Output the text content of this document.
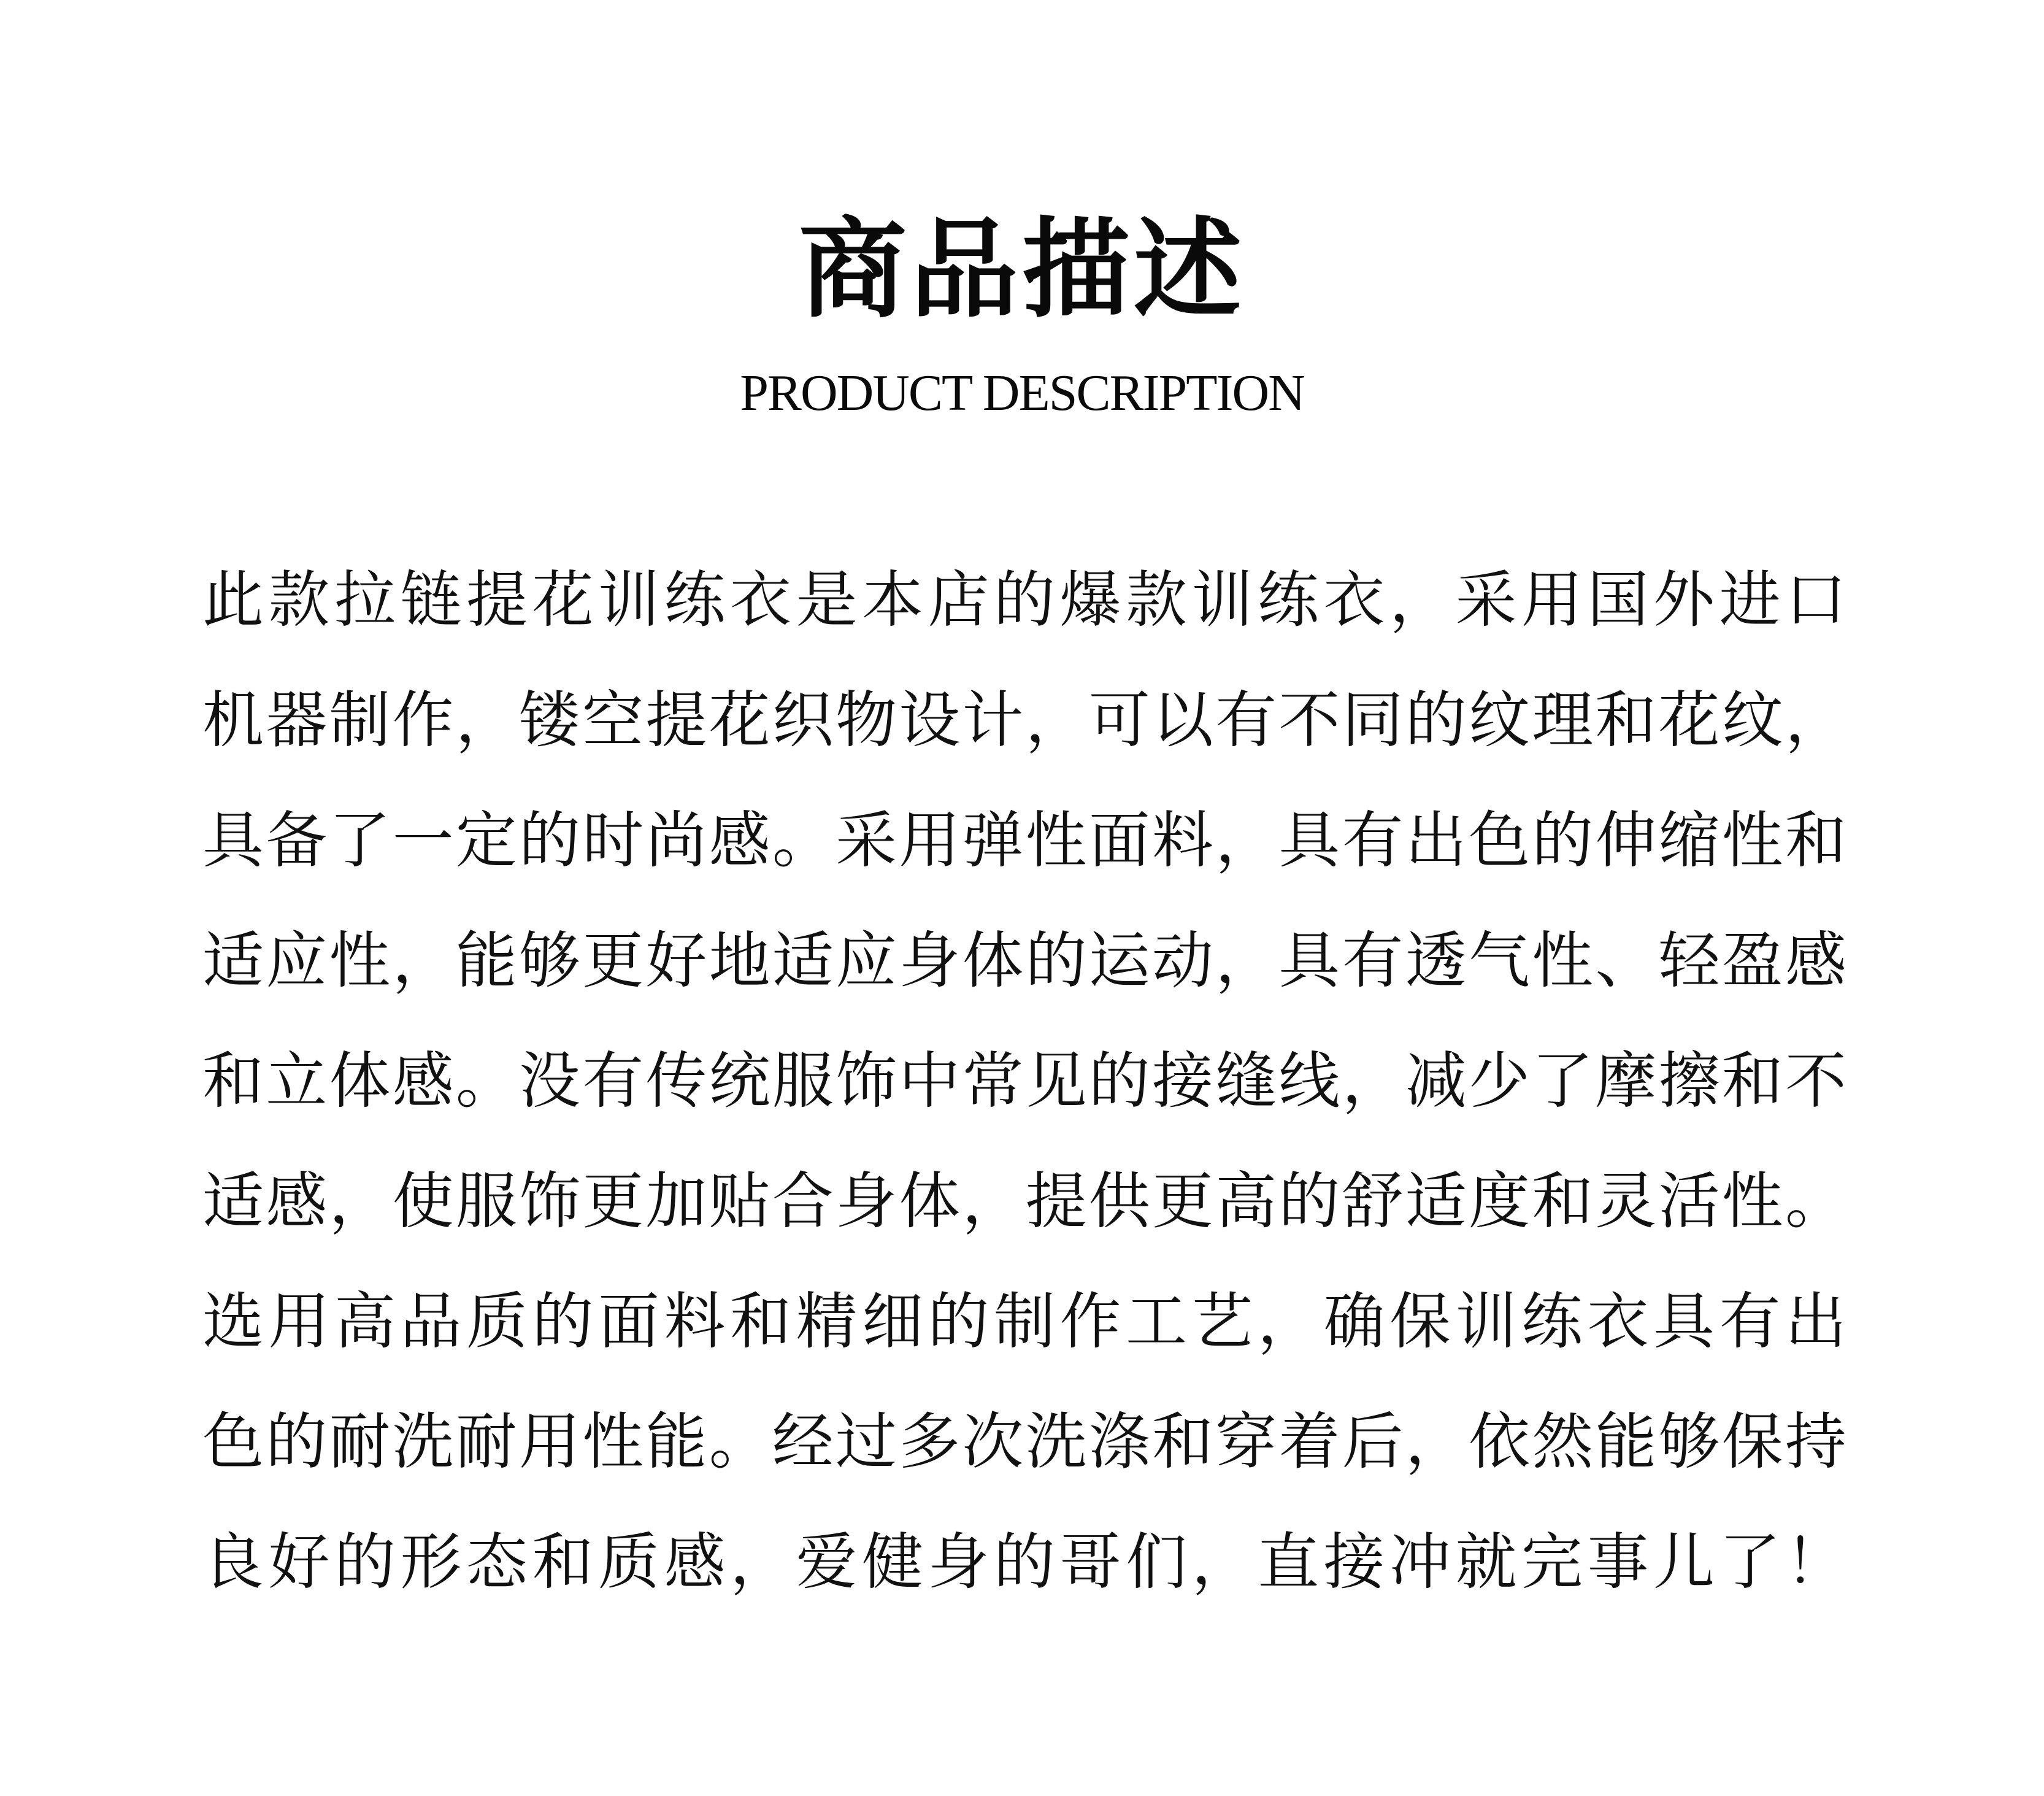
商品描述
PRODUCT DESCRIPTION
此款拉链提花训练衣是本店的爆款训练衣，采用国外进口
机器制作，镂空提花织物设计，可以有不同的纹理和花纹，
具备了一定的时尚感。采用弹性面料，具有出色的伸缩性和
适应性，能够更好地适应身体的运动，具有透气性、轻盈感
和立体感。没有传统服饰中常见的接缝线，减少了摩擦和不
适感，使服饰更加贴合身体，提供更高的舒适度和灵活性。
选用高品质的面料和精细的制作工艺，确保训练衣具有出
色的耐洗耐用性能。经过多次洗涤和穿着后，依然能够保持
良好的形态和质感，爱健身的哥们，直接冲就完事儿了！
